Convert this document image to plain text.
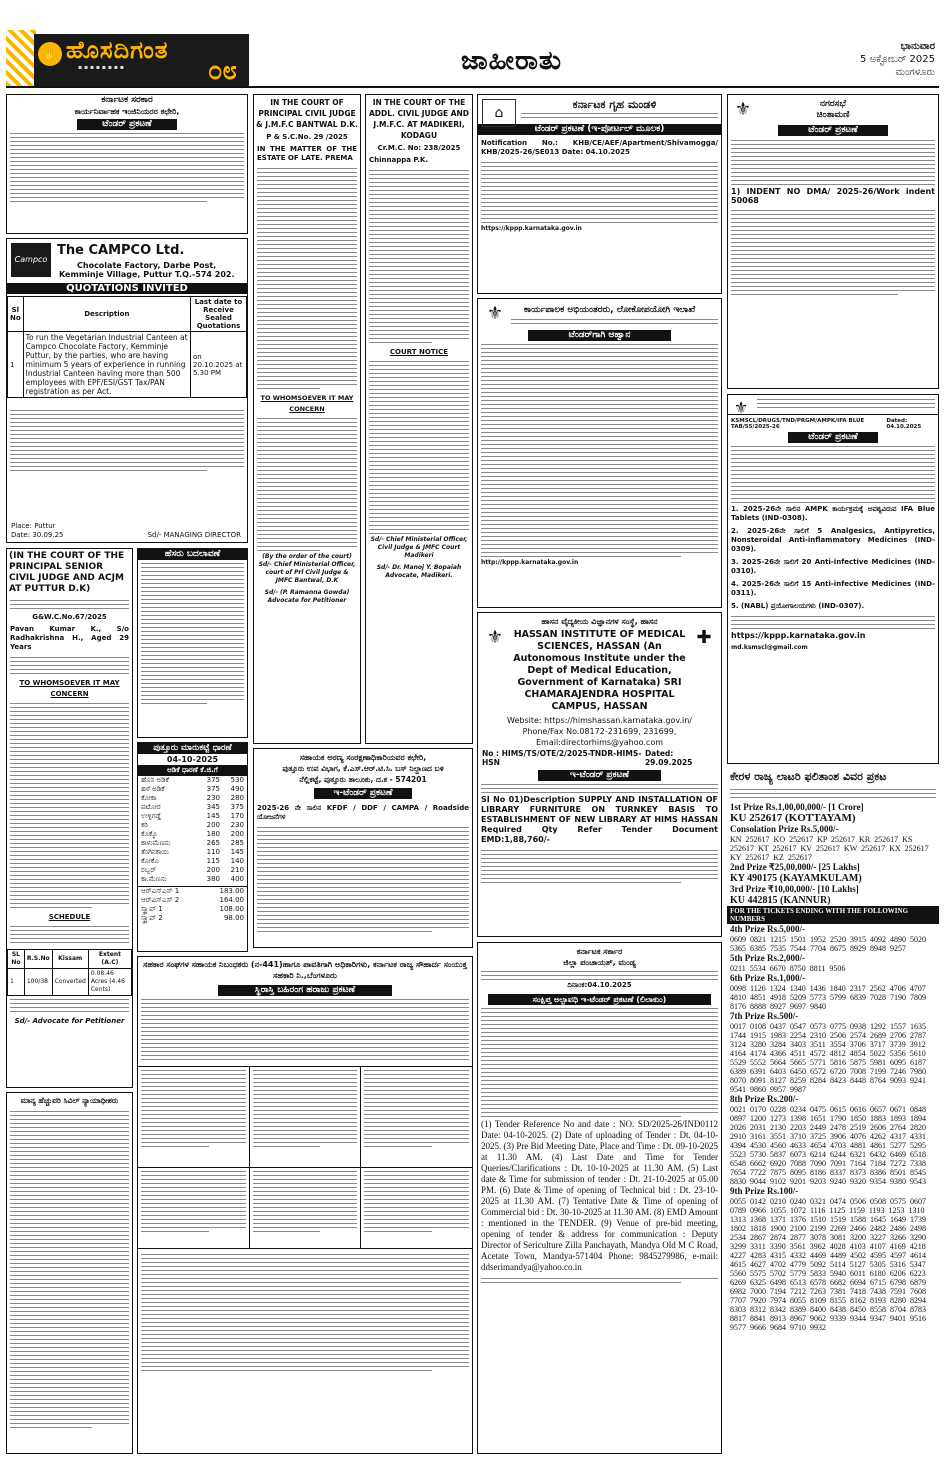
✋ ಹೊಸದಿಗಂತ
▪ ▪ ▪ ▪ ▪ ▪ ▪ ▪	೦೮	ಜಾಹೀರಾತು	ಭಾನುವಾರ
5 ಅಕ್ಟೋಬರ್ 2025
ಮಂಗಳೂರು
ಕರ್ನಾಟಕ ಸರಕಾರ
ಕಾರ್ಯನಿರ್ವಾಹಕ ಇಂಜಿನಿಯರರ ಕಛೇರಿ,
ಟೆಂಡರ್ ಪ್ರಕಟಣೆ
Campco
The CAMPCO Ltd.
Chocolate Factory, Darbe Post,
Kemminje Village, Puttur T.Q.-574 202.
QUOTATIONS INVITED
Sl No	Description	Last date to Receive Sealed Quotations
1	To run the Vegetarian Industrial Canteen at Campco Chocolate Factory, Kemminje Puttur, by the parties, who are having minimum 5 years of experience in running Industrial Canteen having more than 500 employees with EPF/ESI/GST Tax/PAN registration as per Act.	on 20.10.2025 at 5.30 PM
Place: Puttur
Date: 30.09.25	Sd/- MANAGING DIRECTOR
(IN THE COURT OF THE PRINCIPAL SENIOR CIVIL JUDGE AND ACJM AT PUTTUR D.K)
G&W.C.No.67/2025
Pavan Kumar K., S/o Radhakrishna H., Aged 29 Years
TO WHOMSOEVER IT MAY CONCERN
SCHEDULE
SL No	R.S.No	Kissam	Extent (A.C)
1	100/38	Converted	0.08.46 Acres (4.46 Cents)
Sd/- Advocate for Petitioner
IN THE COURT OF PRINCIPAL CIVIL JUDGE & J.M.F.C BANTWAL D.K.
P & S.C.No. 29 /2025
IN THE MATTER OF THE ESTATE OF LATE. PREMA
TO WHOMSOEVER IT MAY CONCERN
(By the order of the court) Sd/- Chief Ministerial Officer, court of Prl Civil Judge & JMFC Bantwal, D.K
Sd/- (P. Ramanna Gowda) Advocate for Petitioner
IN THE COURT OF THE ADDL. CIVIL JUDGE AND J.M.F.C. AT MADIKERI, KODAGU
Cr.M.C. No: 238/2025
Chinnappa P.K.
COURT NOTICE
Sd/- Chief Ministerial Officer, Civil Judge & JMFC Court Madikeri
Sd/- Dr. Manoj Y. Bopaiah Advocate, Madikeri.
⌂
ಕರ್ನಾಟಕ ಗೃಹ ಮಂಡಳಿ
ಟೆಂಡರ್ ಪ್ರಕಟಣೆ (ಇ-ಪೋರ್ಟಲ್ ಮೂಲಕ)
Notification No.: KHB/CE/AEF/Apartment/Shivamogga/ KHB/2025-26/SE013 Date: 04.10.2025
https://kppp.karnataka.gov.in
⚜	ಕಾರ್ಯಪಾಲಕ ಅಭಿಯಂತರರು, ಲೋಕೋಪಯೋಗಿ ಇಲಾಖೆ
ಟೆಂಡರ್‌ಗಾಗಿ ಆಹ್ವಾನ
http://kppp.karnataka.gov.in
ಹಾಸನ ವೈದ್ಯಕೀಯ ವಿಜ್ಞಾನಗಳ ಸಂಸ್ಥೆ, ಹಾಸನ
⚜	✚
HASSAN INSTITUTE OF MEDICAL SCIENCES, HASSAN (An Autonomous Institute under the Dept of Medical Education, Government of Karnataka) SRI CHAMARAJENDRA HOSPITAL CAMPUS, HASSAN
Website: https://himshassan.karnataka.gov.in/
Phone/Fax No.08172-231699, 231699,
Email:directorhims@yahoo.com
No : HIMS/TS/OTE/2/2025-TNDR-HIMS-HSN
Dated: 29.09.2025
ಇ-ಟೆಂಡರ್ ಪ್ರಕಟಣೆ
SI No 01)Description SUPPLY AND INSTALLATION OF LIBRARY FURNITURE ON TURNKEY BASIS TO ESTABLISHMENT OF NEW LIBRARY AT HIMS HASSAN Required Qty Refer Tender Document EMD:1,88,760/-
⚜	ನಗರಸಭೆ
ಚಿಂತಾಮಣಿ
ಟೆಂಡರ್ ಪ್ರಕಟಣೆ
1) INDENT NO DMA/ 2025-26/Work indent 50068
⚜
KSMSCL/DRUGS/TND/PRGM/AMPK/IFA BLUE TAB/55/2025-26
Dated: 04.10.2025
ಟೆಂಡರ್ ಪ್ರಕಟಣೆ
1. 2025-26ನೇ ಸಾಲಿನ AMPK ಕಾರ್ಯಕ್ರಮಕ್ಕೆ ಅವಶ್ಯವಿರುವ IFA Blue Tablets (IND-0308).
2. 2025-26ನೇ ಸಾಲಿಗೆ 5 Analgesics, Antipyretics, Nonsteroidal Anti-inflammatory Medicines (IND-0309).
3. 2025-26ನೇ ಸಾಲಿಗೆ 20 Anti-infective Medicines (IND-0310).
4. 2025-26ನೇ ಸಾಲಿಗೆ 15 Anti-infective Medicines (IND-0311).
5. (NABL) ಪ್ರಯೋಗಾಲಯಗಳು (IND-0307).
https://kppp.karnataka.gov.in
md.ksmscl@gmail.com
ಕೇರಳ ರಾಜ್ಯ ಲಾಟರಿ ಫಲಿತಾಂಶ ವಿವರ ಪ್ರಕಟ
1st Prize Rs.1,00,00,000/- [1 Crore]
KU 252617 (KOTTAYAM)
Consolation Prize Rs.5,000/-
KN 252617 KO 252617 KP 252617 KR 252617 KS 252617 KT 252617 KV 252617 KW 252617 KX 252617 KY 252617 KZ 252617
2nd Prize ₹25,00,000/- [25 Lakhs]
KY 490175 (KAYAMKULAM)
3rd Prize ₹10,00,000/- [10 Lakhs]
KU 442815 (KANNUR)
FOR THE TICKETS ENDING WITH THE FOLLOWING NUMBERS
4th Prize Rs.5,000/-
0609 0821 1215 1501 1952 2520 3915 4092 4890 5020 5365 6385 7535 7544 7704 8675 8929 8948 9257
5th Prize Rs.2,000/-
0211 5534 6670 8750 8811 9506
6th Prize Rs.1,000/-
0098 1126 1324 1340 1436 1840 2317 2562 4706 4707 4810 4851 4918 5209 5773 5799 6839 7028 7190 7809 8176 8888 8927 9697 9840
7th Prize Rs.500/-
0017 0108 0437 0547 0573 0775 0938 1292 1557 1635 1744 1915 1983 2254 2310 2506 2574 2689 2706 2787 3124 3280 3284 3403 3511 3554 3706 3717 3739 3912 4164 4174 4366 4511 4572 4812 4854 5022 5356 5610 5529 5552 5664 5665 5771 5816 5875 5981 6095 6187 6389 6391 6403 6450 6572 6720 7008 7199 7246 7980 8070 8091 8127 8259 8284 8423 8448 8764 9093 9241 9541 9860 9957 9987
8th Prize Rs.200/-
0021 0170 0228 0234 0475 0615 0616 0657 0671 0848 0897 1200 1273 1398 1651 1790 1850 1883 1893 1894 2026 2031 2130 2203 2449 2478 2519 2606 2764 2820 2910 3161 3551 3710 3725 3906 4076 4262 4317 4331 4394 4530 4560 4633 4654 4703 4881 4861 5277 5295 5523 5730 5837 6073 6214 6244 6321 6432 6469 6518 6548 6662 6920 7088 7090 7091 7164 7184 7272 7338 7654 7722 7875 8095 8186 8337 8373 8386 8501 8545 8830 9044 9102 9201 9203 9240 9320 9354 9380 9543
9th Prize Rs.100/-
0055 0142 0210 0240 0321 0474 0506 0508 0575 0607 0789 0966 1055 1072 1116 1125 1159 1193 1253 1310 1313 1368 1371 1376 1510 1519 1588 1645 1649 1739 1802 1818 1900 2100 2199 2269 2466 2482 2486 2498 2534 2867 2874 2877 3078 3081 3200 3227 3266 3290 3299 3311 3390 3561 3962 4028 4103 4107 4169 4218 4227 4283 4315 4332 4469 4489 4502 4595 4597 4614 4615 4627 4702 4779 5092 5114 5127 5305 5316 5347 5560 5575 5702 5779 5833 5940 6011 6180 6206 6223 6269 6325 6498 6513 6578 6682 6694 6715 6798 6879 6982 7000 7194 7212 7263 7381 7418 7438 7591 7608 7707 7920 7974 8055 8109 8155 8162 8193 8280 8294 8303 8312 8342 8389 8400 8438 8450 8558 8704 8783 8817 8841 8913 8967 9062 9339 9344 9347 9401 9516 9577 9666 9684 9710 9932
ಹೆಸರು ಬದಲಾವಣೆ
ಪುತ್ತೂರು ಮಾರುಕಟ್ಟೆ ಧಾರಣೆ
04-10-2025
ಅಡಿಕೆ ಧಾರಣೆ ಕೆ.ಜಿ.ಗೆ
ಹೊಸ ಅಡಿಕೆ	375	530
ಹಳೆ ಅಡಿಕೆ	375	490
ಕೋಕಾ	230	280
ಪಟೋರ	345	375
ಉಳ್ಳಿಗಡ್ಡೆ	145	170
ಕರಿ	200	230
ಕೊಕ್ಕೊ	180	200
ಕಾಳುಮೆಣಸು	265	285
ತೆಂಗಿನಕಾಯಿ	110	145
ಕೋಕೊ	115	140
ರಬ್ಬರ್	200	210
ಕಾ.ಮೆಣಸು	380	400
ಆರ್‌ಎಸ್‌ಎಸ್ 1	183.00
ಆರ್‌ಎಸ್‌ಎಸ್ 2	164.00
ಸ್ಕ್ರ್ಯಾಪ್ 1	108.00
ಸ್ಕ್ರ್ಯಾಪ್ 2	98.00
ಸಹಾಯಕ ಅರಣ್ಯ ಸಂರಕ್ಷಣಾಧಿಕಾರಿಯವರ ಕಛೇರಿ,
ಪುತ್ತೂರು ಉಪ ವಿಭಾಗ, ಕೆ.ಎಸ್.ಆರ್.ಟಿ.ಸಿ. ಬಸ್ ನಿಲ್ದಾಣದ ಬಳಿ
ನೆಲ್ಲಿಕಟ್ಟೆ, ಪುತ್ತೂರು ತಾಲೂಕು, ದ.ಕ - 574201
ಇ-ಟೆಂಡರ್ ಪ್ರಕಟಣೆ
2025-26 ನೇ ಸಾಲಿನ KFDF / DDF / CAMPA / Roadside ಯೋಜನೆಗಳ
ಸಹಕಾರ ಸಂಘಗಳ ಸಹಾಯಕ ನಿಬಂಧಕರು (ನ-441)ಹಾಗೂ ಪಾವತಿಗಾಗಿ ಅಧಿಕಾರಿಗಳು, ಕರ್ನಾಟಕ ರಾಜ್ಯ ಸೌಹಾರ್ದ ಸಂಯುಕ್ತ ಸಹಕಾರಿ ನಿ.,ಬೆಂಗಳೂರು
ಸ್ಥಿರಾಸ್ತಿ ಬಹಿರಂಗ ಹರಾಜು ಪ್ರಕಟಣೆ
ಕರ್ನಾಟಕ ಸರ್ಕಾರ
ಜಿಲ್ಲಾ ಪಂಚಾಯತ್, ಮಂಡ್ಯ
ದಿನಾಂಕ:04.10.2025
ಸಂಕ್ಷಿಪ್ತ ಅಲ್ಪಾವಧಿ ಇ-ಟೆಂಡರ್ ಪ್ರಕಟಣೆ (ಲಿಲಾಕುಂ)
(1) Tender Reference No and date : NO. SD/2025-26/IND0112 Date: 04-10-2025. (2) Date of uploading of Tender : Dt. 04-10-2025. (3) Pre Bid Meeting Date, Place and Time : Dt. 09-10-2025 at 11.30 AM. (4) Last Date and Time for Tender Queries/Clarifications : Dt. 10-10-2025 at 11.30 AM. (5) Last date & Time for submission of tender : Dt. 21-10-2025 at 05.00 PM. (6) Date & Time of opening of Technical bid : Dt. 23-10-2025 at 11.30 AM. (7) Tentative Date & Time of opening of Commercial bid : Dt. 30-10-2025 at 11.30 AM. (8) EMD Amount : mentioned in the TENDER. (9) Venue of pre-bid meeting, opening of tender & address for communication : Deputy Director of Sericulture Zilla Panchayath, Mandya Old M C Road, Acetate Town, Mandya-571404 Phone: 9845279986, e-mail: ddserimandya@yahoo.co.in
ಮಾನ್ಯ ಹೆಚ್ಚುವರಿ ಸಿವಿಲ್ ನ್ಯಾಯಾಧೀಶರು
